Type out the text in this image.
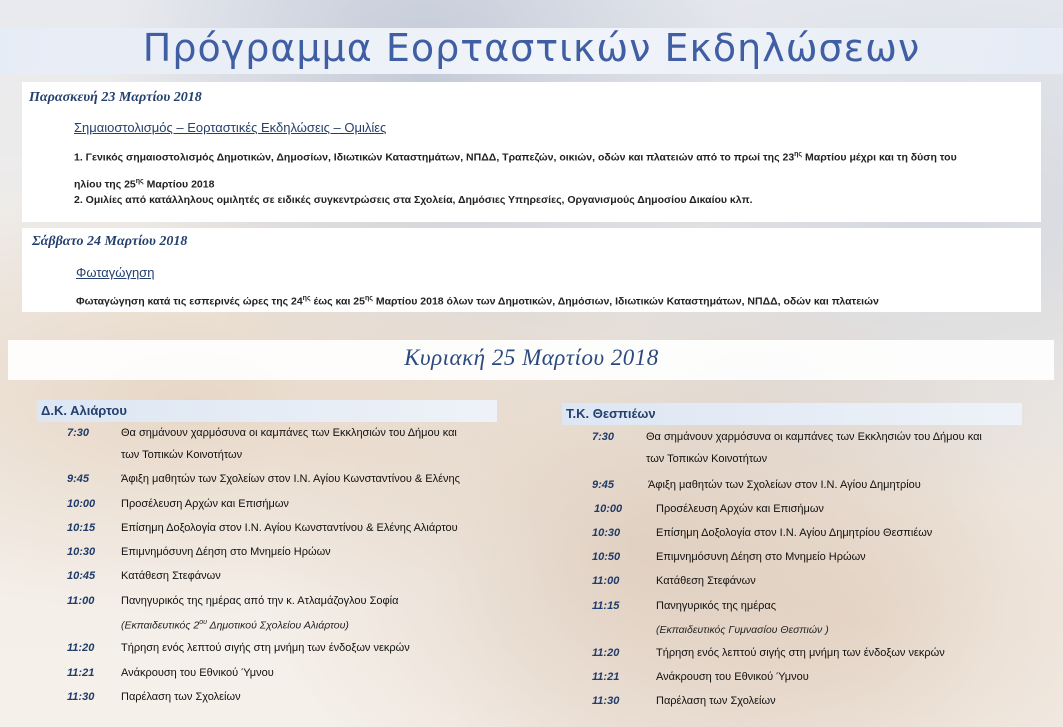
Πρόγραμμα Εορταστικών Εκδηλώσεων
Παρασκευή 23 Μαρτίου 2018
Σημαιοστολισμός – Εορταστικές Εκδηλώσεις – Ομιλίες
1. Γενικός σημαιοστολισμός Δημοτικών, Δημοσίων, Ιδιωτικών Καταστημάτων, ΝΠΔΔ, Τραπεζών, οικιών, οδών και πλατειών από το πρωί της $23^{\eta\varsigma}$ Μαρτίου μέχρι και τη δύση του
ηλίου της $25^{\eta\varsigma}$ Μαρτίου 2018
2. Ομιλίες από κατάλληλους ομιλητές σε ειδικές συγκεντρώσεις στα Σχολεία, Δημόσιες Υπηρεσίες, Οργανισμούς Δημοσίου Δικαίου κλπ.
Σάββατο 24 Μαρτίου 2018
Φωταγώγηση
Φωταγώγηση κατά τις εσπερινές ώρες της $24^{\eta\varsigma}$ έως και $25^{\eta\varsigma}$ Μαρτίου 2018 όλων των Δημοτικών, Δημόσιων, Ιδιωτικών Καταστημάτων, ΝΠΔΔ, οδών και πλατειών
Κυριακή 25 Μαρτίου 2018
Δ.Κ. Αλιάρτου
7:30	Θα σημάνουν χαρμόσυνα οι καμπάνες των Εκκλησιών του Δήμου και
των Τοπικών Κοινοτήτων
9:45	Άφιξη μαθητών των Σχολείων στον Ι.Ν. Αγίου Κωνσταντίνου & Ελένης
10:00 Προσέλευση Αρχών και Επισήμων
10:15 Επίσημη Δοξολογία στον Ι.Ν. Αγίου Κωνσταντίνου & Ελένης Αλιάρτου
10:30 Επιμνημόσυνη Δέηση στο Μνημείο Ηρώων
10:45 Κατάθεση Στεφάνων
11:00 Πανηγυρικός της ημέρας από την κ. Ατλαμάζογλου Σοφία
(Εκπαιδευτικός $2^{o\upsilon}$ Δημοτικού Σχολείου Αλιάρτου)
11:20 Τήρηση ενός λεπτού σιγής στη μνήμη των ένδοξων νεκρών
11:21 Ανάκρουση του Εθνικού Ύμνου
11:30 Παρέλαση των Σχολείων
Τ.Κ. Θεσπιέων
7:30	Θα σημάνουν χαρμόσυνα οι καμπάνες των Εκκλησιών του Δήμου και
των Τοπικών Κοινοτήτων
9:45	Άφιξη μαθητών των Σχολείων στον Ι.Ν. Αγίου Δημητρίου
10:00	Προσέλευση Αρχών και Επισήμων
10:30	Επίσημη Δοξολογία στον Ι.Ν. Αγίου Δημητρίου Θεσπιέων
10:50	Επιμνημόσυνη Δέηση στο Μνημείο Ηρώων
11:00	Κατάθεση Στεφάνων
11:15	Πανηγυρικός της ημέρας
(Εκπαιδευτικός Γυμνασίου Θεσπιών )
11:20	Τήρηση ενός λεπτού σιγής στη μνήμη των ένδοξων νεκρών
11:21	Ανάκρουση του Εθνικού Ύμνου
11:30	Παρέλαση των Σχολείων
